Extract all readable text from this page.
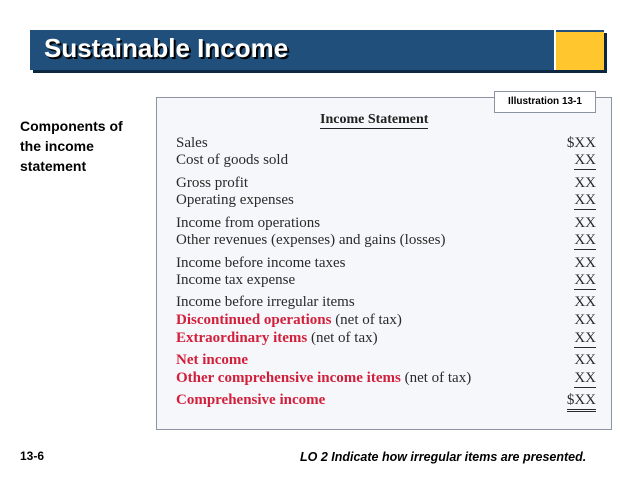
Sustainable Income
Components of
the income
statement
Illustration 13-1
Income Statement
Sales	$XX
Cost of goods sold	XX
Gross profit	XX
Operating expenses	XX
Income from operations	XX
Other revenues (expenses) and gains (losses)	XX
Income before income taxes	XX
Income tax expense	XX
Income before irregular items	XX
Discontinued operations (net of tax)	XX
Extraordinary items (net of tax)	XX
Net income	XX
Other comprehensive income items (net of tax)	XX
Comprehensive income	$XX
13-6	LO 2 Indicate how irregular items are presented.
